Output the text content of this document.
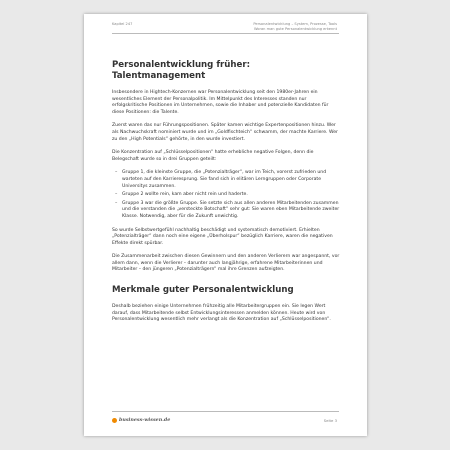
Kapitel 247	Personalentwicklung – System, Prozesse, Tools
Woran man gute Personalentwicklung erkennt
Personalentwicklung früher: Talentmanagement

Insbesondere in Hightech-Konzernen war Personalentwicklung seit den 1980er-Jahren ein wesentliches Element der Personalpolitik. Im Mittelpunkt des Interesses standen nur erfolgskritische Positionen im Unternehmen, sowie die Inhaber und potenzielle Kandidaten für diese Positionen: die Talente.

Zuerst waren das nur Führungspositionen. Später kamen wichtige Expertenpositionen hinzu. Wer als Nachwuchskraft nominiert wurde und im „Goldfischteich“ schwamm, der machte Karriere. Wer zu den „High Potentials“ gehörte, in den wurde investiert.

Die Konzentration auf „Schlüsselpositionen“ hatte erhebliche negative Folgen, denn die Belegschaft wurde so in drei Gruppen geteilt:

– Gruppe 1, die kleinste Gruppe, die „Potenzialträger“, war im Teich, vorerst zufrieden und warteten auf den Karrieresprung. Sie fand sich in elitären Lerngruppen oder Corporate Universitys zusammen.
– Gruppe 2 wollte rein, kam aber nicht rein und haderte.
– Gruppe 3 war die größte Gruppe. Sie setzte sich aus allen anderen Mitarbeitenden zusammen und die verstanden die „versteckte Botschaft“ sehr gut: Sie waren eben Mitarbeitende zweiter Klasse. Notwendig, aber für die Zukunft unwichtig.

So wurde Selbstwertgefühl nachhaltig beschädigt und systematisch demotiviert. Erhielten „Potenzialträger“ dann noch eine eigene „Überholspur“ bezüglich Karriere, waren die negativen Effekte direkt spürbar.

Die Zusammenarbeit zwischen diesen Gewinnern und den anderen Verlierern war angespannt, vor allem dann, wenn die Verlierer – darunter auch langjährige, erfahrene Mitarbeiterinnen und Mitarbeiter – den jüngeren „Potenzialträgern“ mal ihre Grenzen aufzeigten.

Merkmale guter Personalentwicklung

Deshalb beziehen einige Unternehmen frühzeitig alle Mitarbeitergruppen ein. Sie legen Wert darauf, dass Mitarbeitende selbst Entwicklungsinteressen anmelden können. Heute wird von Personalentwicklung wesentlich mehr verlangt als die Konzentration auf „Schlüsselpositionen“.

business-wissen.de	Seite 3
